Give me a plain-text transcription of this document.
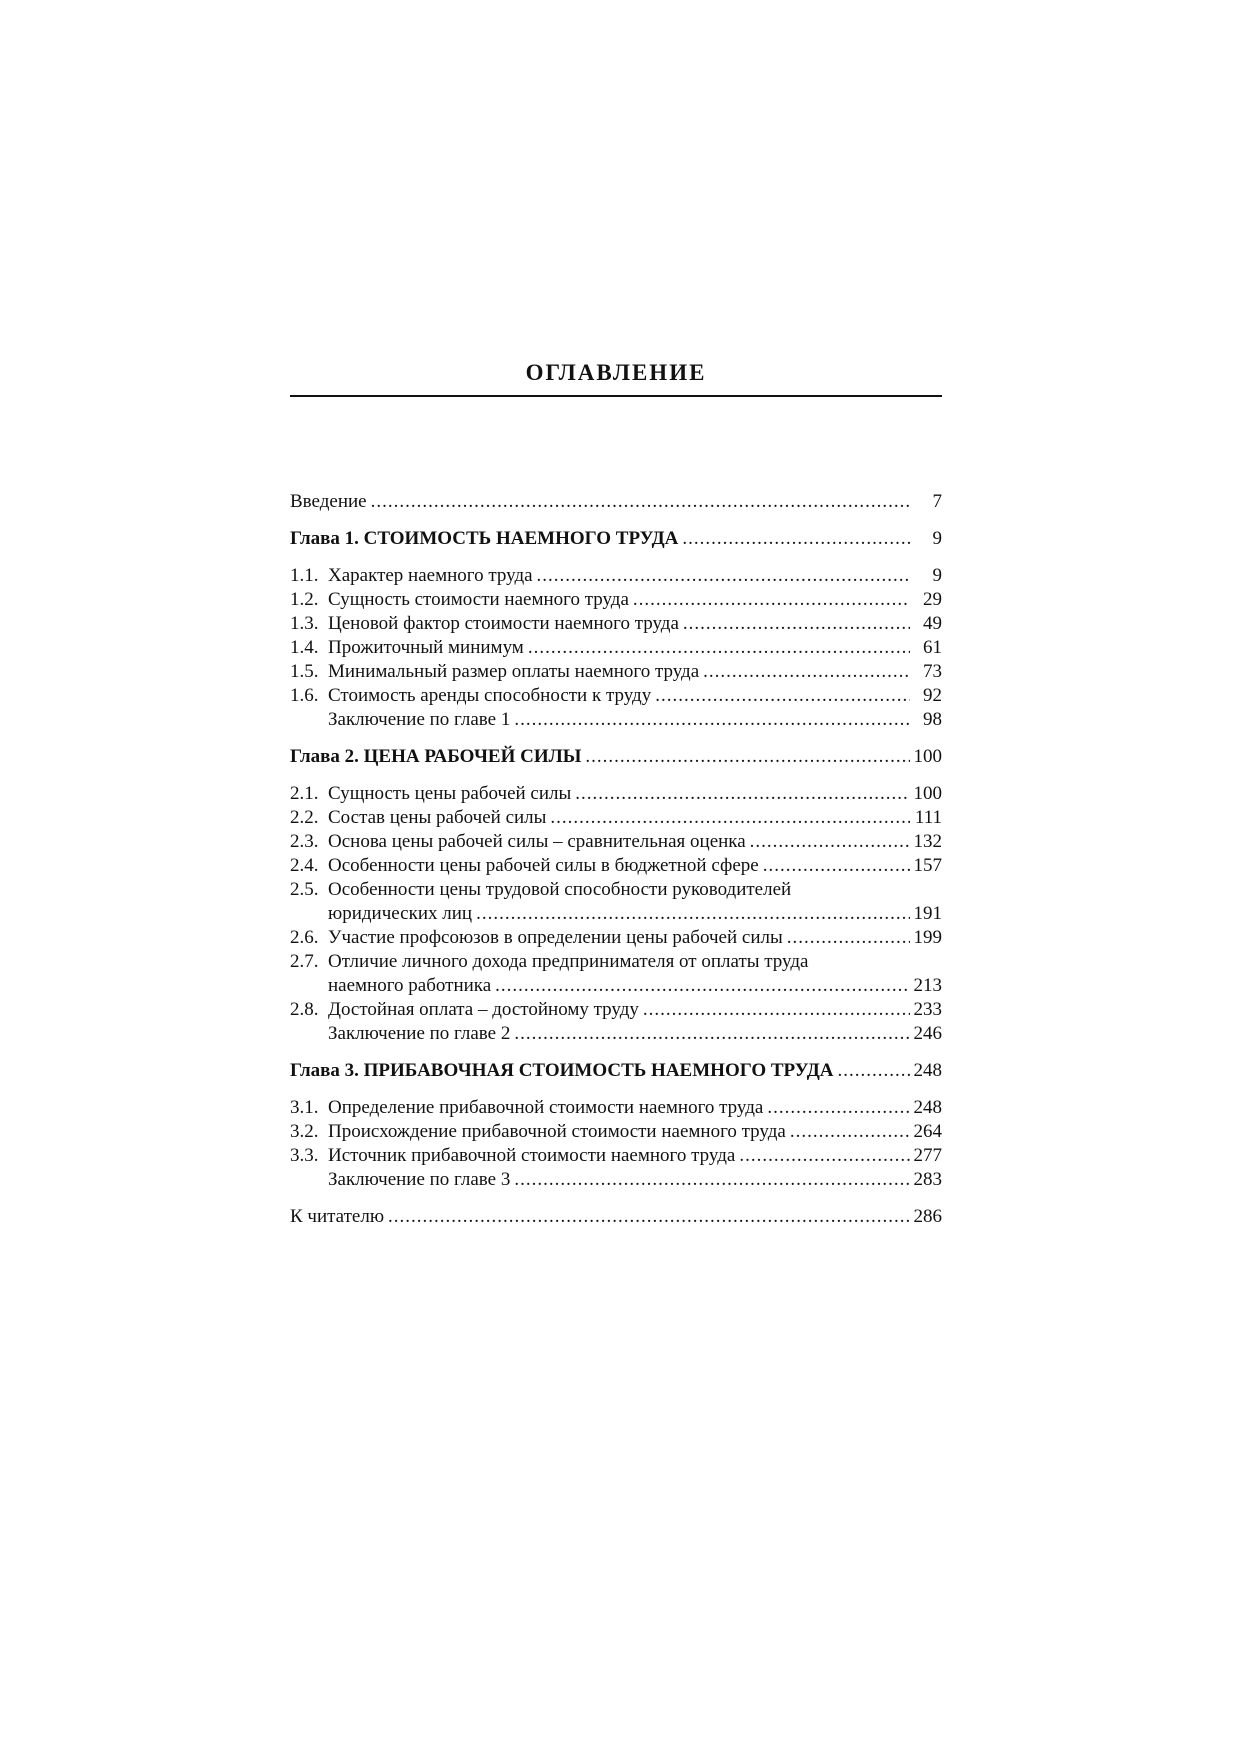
ОГЛАВЛЕНИЕ
Введение .....	7
Глава 1. СТОИМОСТЬ НАЕМНОГО ТРУДА .....	9
1.1. Характер наемного труда .....	9
1.2. Сущность стоимости наемного труда .....	29
1.3. Ценовой фактор стоимости наемного труда .....	49
1.4. Прожиточный минимум .....	61
1.5. Минимальный размер оплаты наемного труда .....	73
1.6. Стоимость аренды способности к труду .....	92
Заключение по главе 1 .....	98
Глава 2. ЦЕНА РАБОЧЕЙ СИЛЫ .....	100
2.1. Сущность цены рабочей силы .....	100
2.2. Состав цены рабочей силы .....	111
2.3. Основа цены рабочей силы – сравнительная оценка .....	132
2.4. Особенности цены рабочей силы в бюджетной сфере .....	157
2.5. Особенности цены трудовой способности руководителей
юридических лиц .....	191
2.6. Участие профсоюзов в определении цены рабочей силы .....	199
2.7. Отличие личного дохода предпринимателя от оплаты труда
наемного работника .....	213
2.8. Достойная оплата – достойному труду .....	233
Заключение по главе 2 .....	246
Глава 3. ПРИБАВОЧНАЯ СТОИМОСТЬ НАЕМНОГО ТРУДА .....	248
3.1. Определение прибавочной стоимости наемного труда .....	248
3.2. Происхождение прибавочной стоимости наемного труда .....	264
3.3. Источник прибавочной стоимости наемного труда .....	277
Заключение по главе 3 .....	283
К читателю .....	286
